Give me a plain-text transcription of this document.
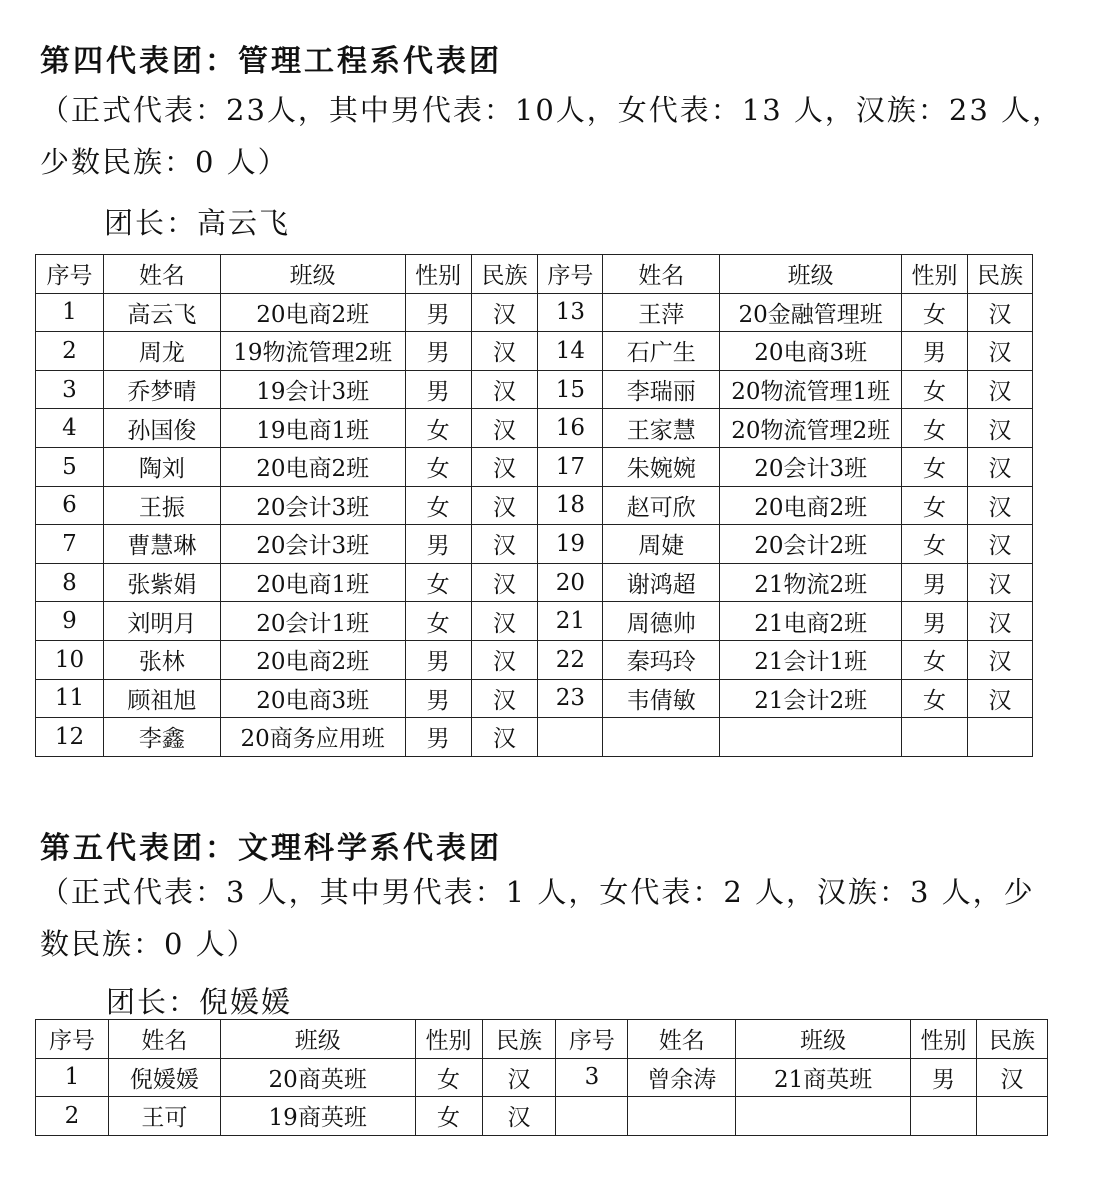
第四代表团：管理工程系代表团
（正式代表：23人，其中男代表：10人，女代表：13 人，汉族：23 人，
少数民族：0 人）
团长：高云飞
序号	姓名	班级	性别	民族	序号	姓名	班级	性别	民族
1	高云飞	20电商2班	男	汉	13	王萍	20金融管理班	女	汉
2	周龙	19物流管理2班	男	汉	14	石广生	20电商3班	男	汉
3	乔梦晴	19会计3班	男	汉	15	李瑞丽	20物流管理1班	女	汉
4	孙国俊	19电商1班	女	汉	16	王家慧	20物流管理2班	女	汉
5	陶刘	20电商2班	女	汉	17	朱婉婉	20会计3班	女	汉
6	王振	20会计3班	女	汉	18	赵可欣	20电商2班	女	汉
7	曹慧琳	20会计3班	男	汉	19	周婕	20会计2班	女	汉
8	张紫娟	20电商1班	女	汉	20	谢鸿超	21物流2班	男	汉
9	刘明月	20会计1班	女	汉	21	周德帅	21电商2班	男	汉
10	张林	20电商2班	男	汉	22	秦玛玲	21会计1班	女	汉
11	顾祖旭	20电商3班	男	汉	23	韦倩敏	21会计2班	女	汉
12	李鑫	20商务应用班	男	汉					
第五代表团：文理科学系代表团
（正式代表：3 人，其中男代表：1 人，女代表：2 人，汉族：3 人，少
数民族：0 人）
团长：倪媛媛
序号	姓名	班级	性别	民族	序号	姓名	班级	性别	民族
1	倪媛媛	20商英班	女	汉	3	曾余涛	21商英班	男	汉
2	王可	19商英班	女	汉					
